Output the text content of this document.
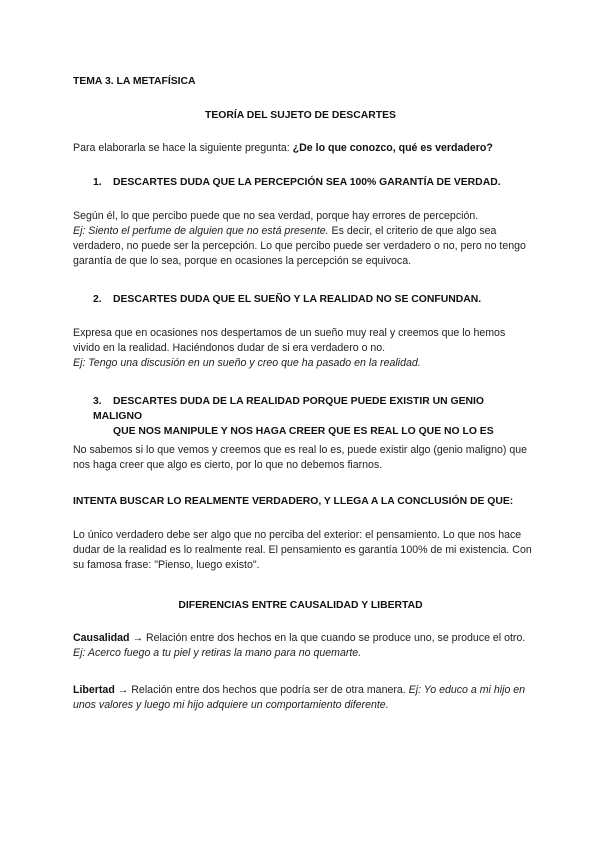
TEMA 3. LA METAFÍSICA

TEORÍA DEL SUJETO DE DESCARTES

Para elaborarla se hace la siguiente pregunta: ¿De lo que conozco, qué es verdadero?

1. DESCARTES DUDA QUE LA PERCEPCIÓN SEA 100% GARANTÍA DE VERDAD.

Según él, lo que percibo puede que no sea verdad, porque hay errores de percepción.
Ej: Siento el perfume de alguien que no está presente. Es decir, el criterio de que algo sea verdadero, no puede ser la percepción. Lo que percibo puede ser verdadero o no, pero no tengo garantía de que lo sea, porque en ocasiones la percepción se equivoca.

2. DESCARTES DUDA QUE EL SUEÑO Y LA REALIDAD NO SE CONFUNDAN.

Expresa que en ocasiones nos despertamos de un sueño muy real y creemos que lo hemos vivido en la realidad. Haciéndonos dudar de si era verdadero o no.
Ej: Tengo una discusión en un sueño y creo que ha pasado en la realidad.

3. DESCARTES DUDA DE LA REALIDAD PORQUE PUEDE EXISTIR UN GENIO MALIGNO
QUE NOS MANIPULE Y NOS HAGA CREER QUE ES REAL LO QUE NO LO ES

No sabemos si lo que vemos y creemos que es real lo es, puede existir algo (genio maligno) que nos haga creer que algo es cierto, por lo que no debemos fiarnos.

INTENTA BUSCAR LO REALMENTE VERDADERO, Y LLEGA A LA CONCLUSIÓN DE QUE:

Lo único verdadero debe ser algo que no perciba del exterior: el pensamiento. Lo que nos hace dudar de la realidad es lo realmente real. El pensamiento es garantía 100% de mi existencia. Con su famosa frase: "Pienso, luego existo".

DIFERENCIAS ENTRE CAUSALIDAD Y LIBERTAD

Causalidad → Relación entre dos hechos en la que cuando se produce uno, se produce el otro. Ej: Acerco fuego a tu piel y retiras la mano para no quemarte.

Libertad → Relación entre dos hechos que podría ser de otra manera. Ej: Yo educo a mi hijo en unos valores y luego mi hijo adquiere un comportamiento diferente.
